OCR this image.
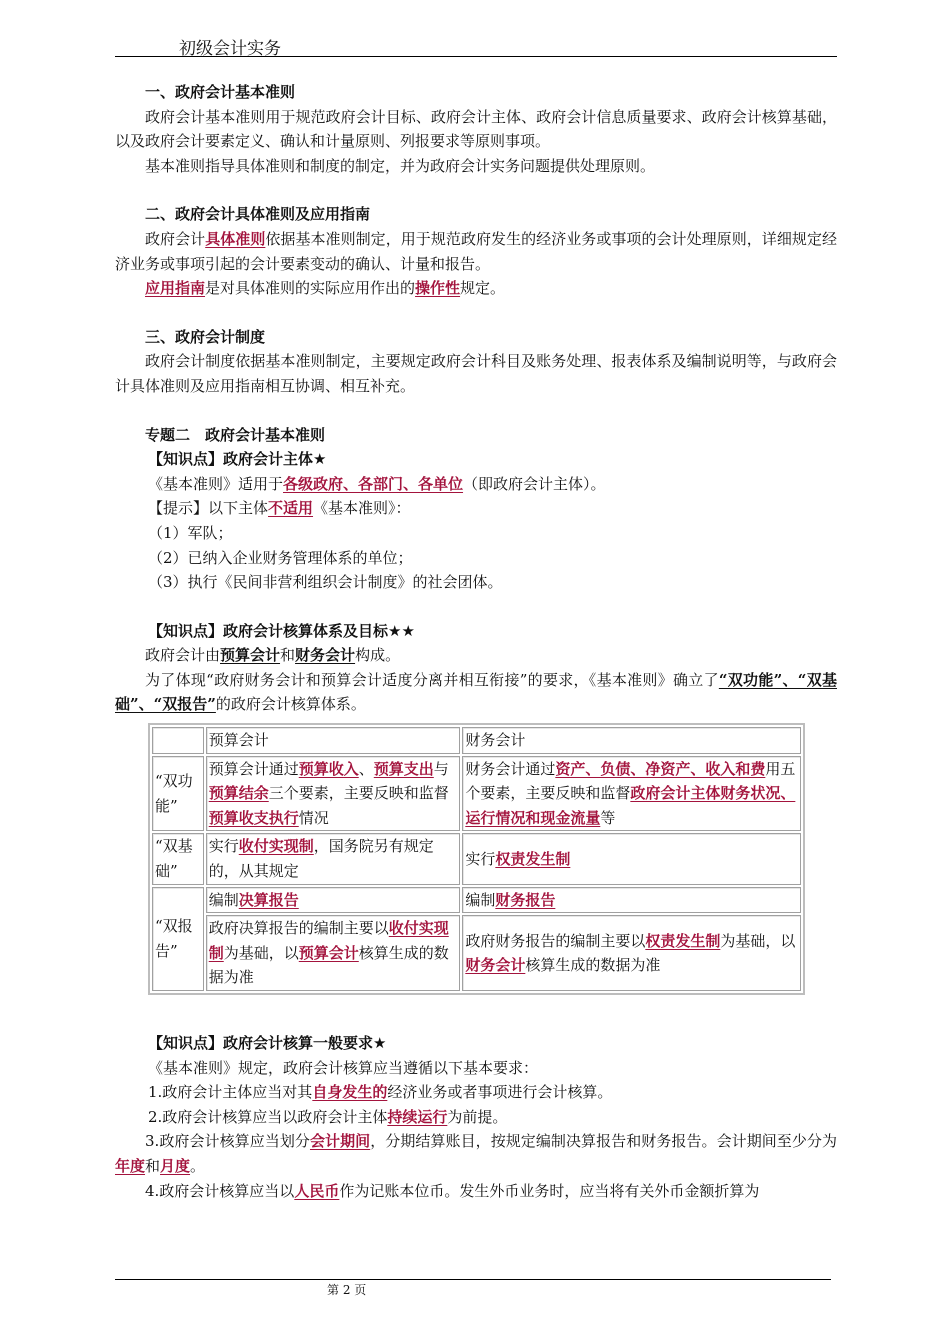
初级会计实务
一、政府会计基本准则

政府会计基本准则用于规范政府会计目标、政府会计主体、政府会计信息质量要求、政府会计核算基础，以及政府会计要素定义、确认和计量原则、列报要求等原则事项。

基本准则指导具体准则和制度的制定，并为政府会计实务问题提供处理原则。

二、政府会计具体准则及应用指南

政府会计具体准则依据基本准则制定，用于规范政府发生的经济业务或事项的会计处理原则，详细规定经济业务或事项引起的会计要素变动的确认、计量和报告。

应用指南是对具体准则的实际应用作出的操作性规定。

三、政府会计制度

政府会计制度依据基本准则制定，主要规定政府会计科目及账务处理、报表体系及编制说明等，与政府会计具体准则及应用指南相互协调、相互补充。

专题二　政府会计基本准则
【知识点】政府会计主体★

《基本准则》适用于各级政府、各部门、各单位（即政府会计主体）。

【提示】以下主体不适用《基本准则》：

（1）军队；

（2）已纳入企业财务管理体系的单位；

（3）执行《民间非营利组织会计制度》的社会团体。

【知识点】政府会计核算体系及目标★★

政府会计由预算会计和财务会计构成。

为了体现“政府财务会计和预算会计适度分离并相互衔接”的要求，《基本准则》确立了“双功能”、“双基础”、“双报告”的政府会计核算体系。

	预算会计	财务会计
“双功能”	预算会计通过预算收入、预算支出与预算结余三个要素，主要反映和监督预算收支执行情况	财务会计通过资产、负债、净资产、收入和费用五个要素，主要反映和监督政府会计主体财务状况、运行情况和现金流量等
“双基础”	实行收付实现制，国务院另有规定的，从其规定	实行权责发生制
“双报告”	编制决算报告	编制财务报告
	政府决算报告的编制主要以收付实现制为基础，以预算会计核算生成的数据为准	政府财务报告的编制主要以权责发生制为基础，以财务会计核算生成的数据为准
【知识点】政府会计核算一般要求★

《基本准则》规定，政府会计核算应当遵循以下基本要求：

1.政府会计主体应当对其自身发生的经济业务或者事项进行会计核算。

2.政府会计核算应当以政府会计主体持续运行为前提。

3.政府会计核算应当划分会计期间，分期结算账目，按规定编制决算报告和财务报告。会计期间至少分为年度和月度。

4.政府会计核算应当以人民币作为记账本位币。发生外币业务时，应当将有关外币金额折算为

第 2 页
